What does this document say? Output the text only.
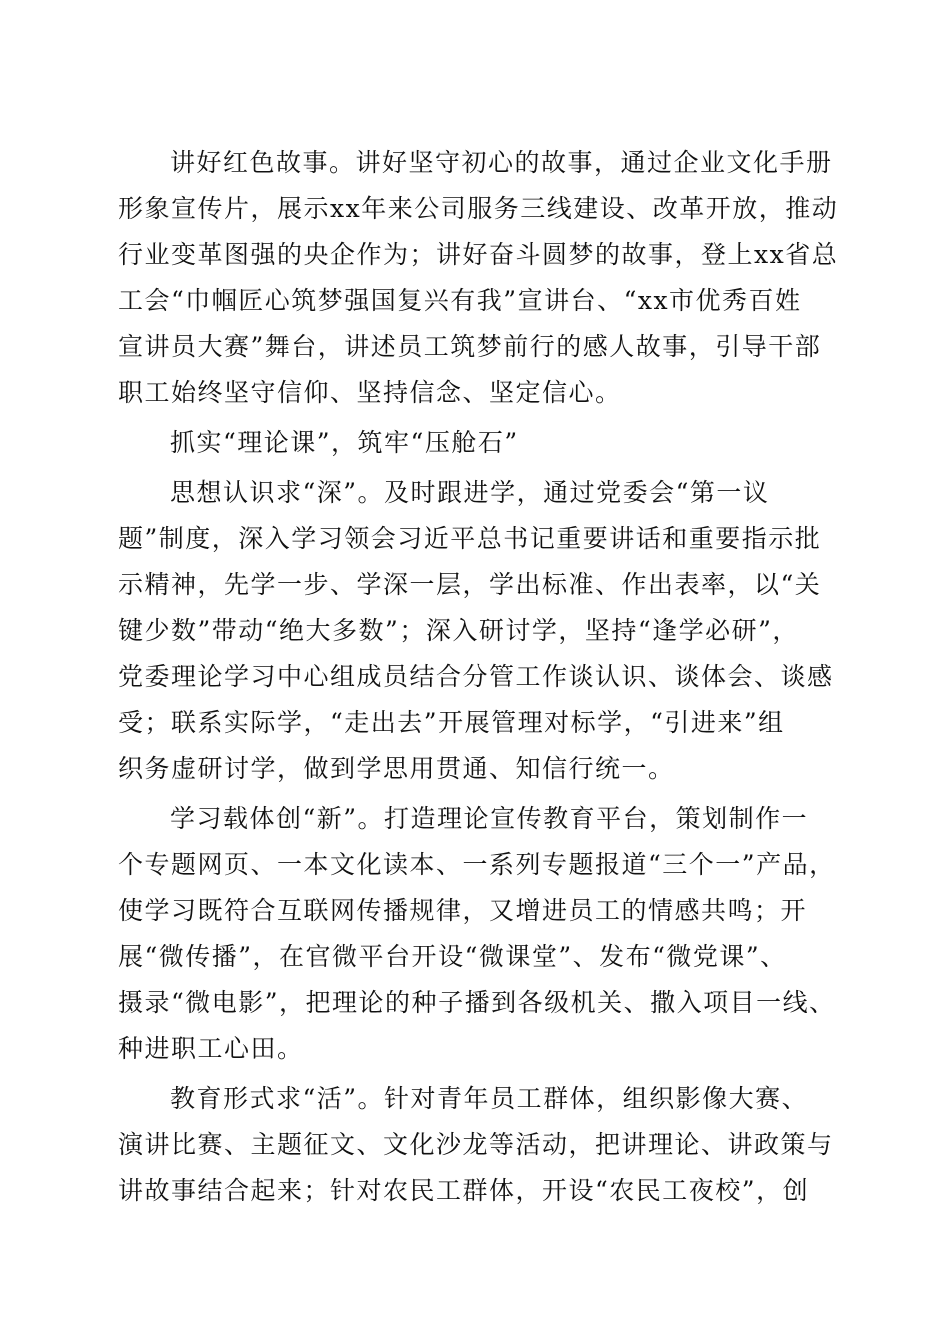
讲好红色故事。讲好坚守初心的故事，通过企业文化手册
形象宣传片，展示xx年来公司服务三线建设、改革开放，推动
行业变革图强的央企作为；讲好奋斗圆梦的故事，登上xx省总
工会“巾帼匠心筑梦强国复兴有我”宣讲台、“xx市优秀百姓
宣讲员大赛”舞台，讲述员工筑梦前行的感人故事，引导干部
职工始终坚守信仰、坚持信念、坚定信心。
抓实“理论课”，筑牢“压舱石”
思想认识求“深”。及时跟进学，通过党委会“第一议
题”制度，深入学习领会习近平总书记重要讲话和重要指示批
示精神，先学一步、学深一层，学出标准、作出表率，以“关
键少数”带动“绝大多数”；深入研讨学，坚持“逢学必研”，
党委理论学习中心组成员结合分管工作谈认识、谈体会、谈感
受；联系实际学，“走出去”开展管理对标学，“引进来”组
织务虚研讨学，做到学思用贯通、知信行统一。
学习载体创“新”。打造理论宣传教育平台，策划制作一
个专题网页、一本文化读本、一系列专题报道“三个一”产品，
使学习既符合互联网传播规律，又增进员工的情感共鸣；开
展“微传播”，在官微平台开设“微课堂”、发布“微党课”、
摄录“微电影”，把理论的种子播到各级机关、撒入项目一线、
种进职工心田。
教育形式求“活”。针对青年员工群体，组织影像大赛、
演讲比赛、主题征文、文化沙龙等活动，把讲理论、讲政策与
讲故事结合起来；针对农民工群体，开设“农民工夜校”，创
